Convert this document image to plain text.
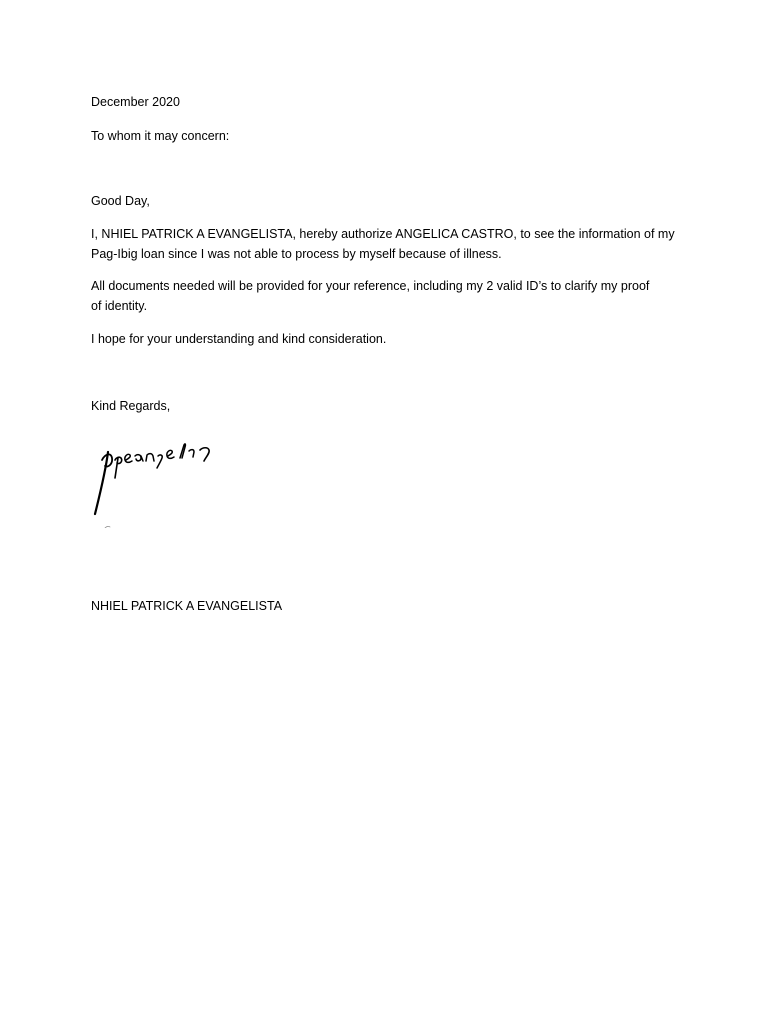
December 2020

To whom it may concern:

Good Day,

I, NHIEL PATRICK A EVANGELISTA, hereby authorize ANGELICA CASTRO, to see the information of my
Pag-Ibig loan since I was not able to process by myself because of illness.
All documents needed will be provided for your reference, including my 2 valid ID’s to clarify my proof
of identity.
I hope for your understanding and kind consideration.

Kind Regards,

NHIEL PATRICK A EVANGELISTA
